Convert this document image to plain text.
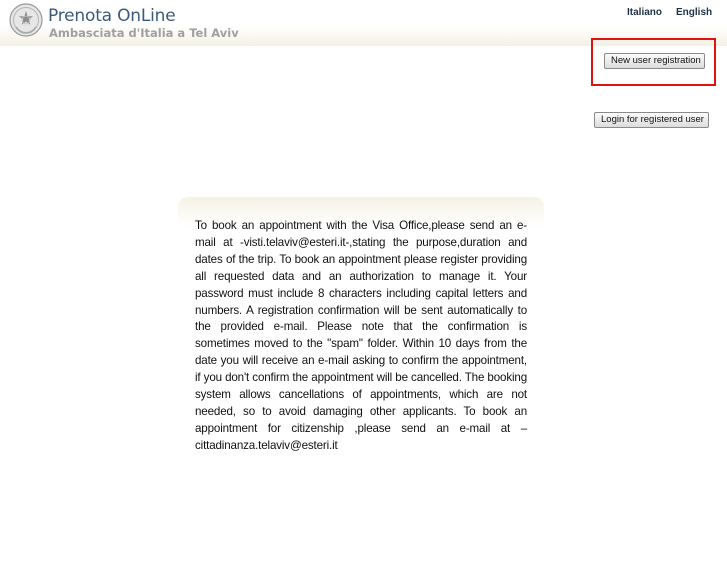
Prenota OnLine
Ambasciata d'Italia a Tel Aviv
Italiano English
New user registration
Login for registered user

To book an appointment with the Visa Office,please send an e-mail at -visti.telaviv@esteri.it-,stating the purpose,duration and dates of the trip. To book an appointment please register providing all requested data and an authorization to manage it. Your password must include 8 characters including capital letters and numbers. A registration confirmation will be sent automatically to the provided e-mail. Please note that the confirmation is sometimes moved to the "spam" folder. Within 10 days from the date you will receive an e-mail asking to confirm the appointment, if you don't confirm the appointment will be cancelled. The booking system allows cancellations of appointments, which are not needed, so to avoid damaging other applicants. To book an appointment for citizenship ,please send an e-mail at –cittadinanza.telaviv@esteri.it
